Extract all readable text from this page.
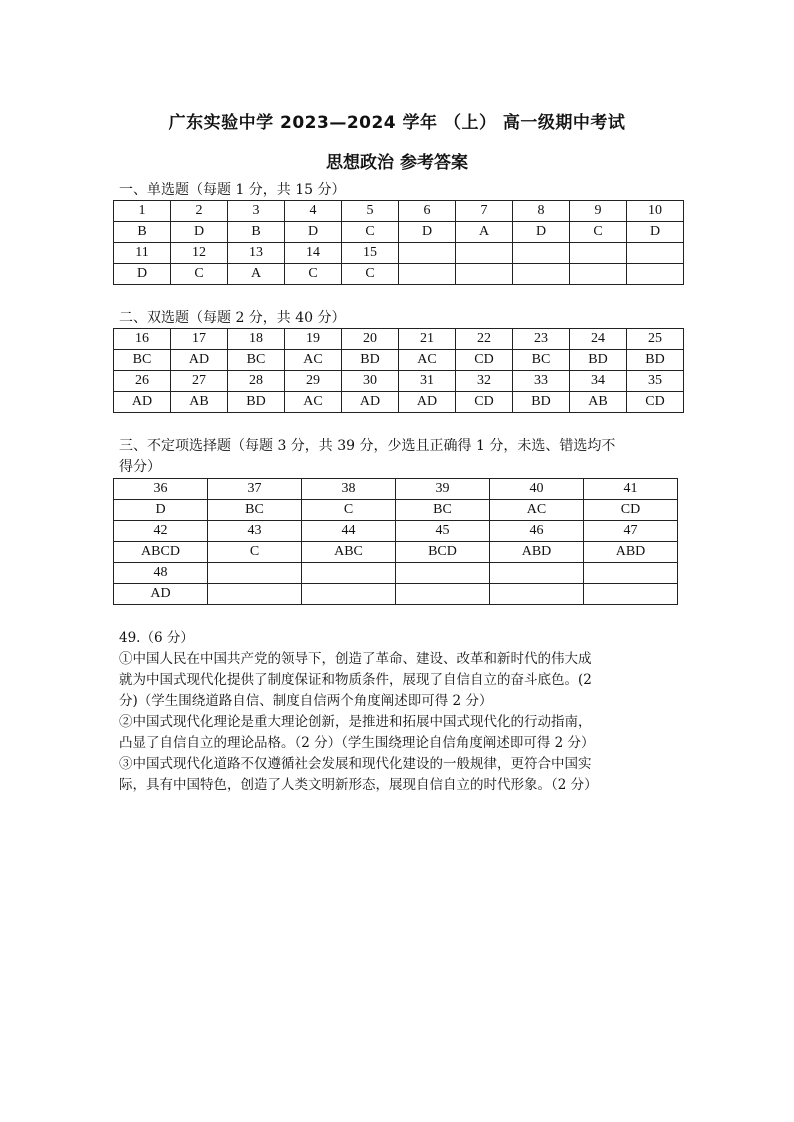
广东实验中学 2023—2024 学年 （上） 高一级期中考试
思想政治 参考答案
一、单选题（每题 1 分，共 15 分）
1	2	3	4	5	6	7	8	9	10
B	D	B	D	C	D	A	D	C	D
11	12	13	14	15					
D	C	A	C	C					
二、双选题（每题 2 分，共 40 分）
16	17	18	19	20	21	22	23	24	25
BC	AD	BC	AC	BD	AC	CD	BC	BD	BD
26	27	28	29	30	31	32	33	34	35
AD	AB	BD	AC	AD	AD	CD	BD	AB	CD
三、不定项选择题（每题 3 分，共 39 分，少选且正确得 1 分，未选、错选均不
得分）
36	37	38	39	40	41
D	BC	C	BC	AC	CD
42	43	44	45	46	47
ABCD	C	ABC	BCD	ABD	ABD
48					
AD					

49.（6 分）

①中国人民在中国共产党的领导下，创造了革命、建设、改革和新时代的伟大成

就为中国式现代化提供了制度保证和物质条件，展现了自信自立的奋斗底色。(2

分)（学生围绕道路自信、制度自信两个角度阐述即可得 2 分）

②中国式现代化理论是重大理论创新，是推进和拓展中国式现代化的行动指南，

凸显了自信自立的理论品格。（2 分）（学生围绕理论自信角度阐述即可得 2 分）

③中国式现代化道路不仅遵循社会发展和现代化建设的一般规律，更符合中国实

际，具有中国特色，创造了人类文明新形态，展现自信自立的时代形象。（2 分）
